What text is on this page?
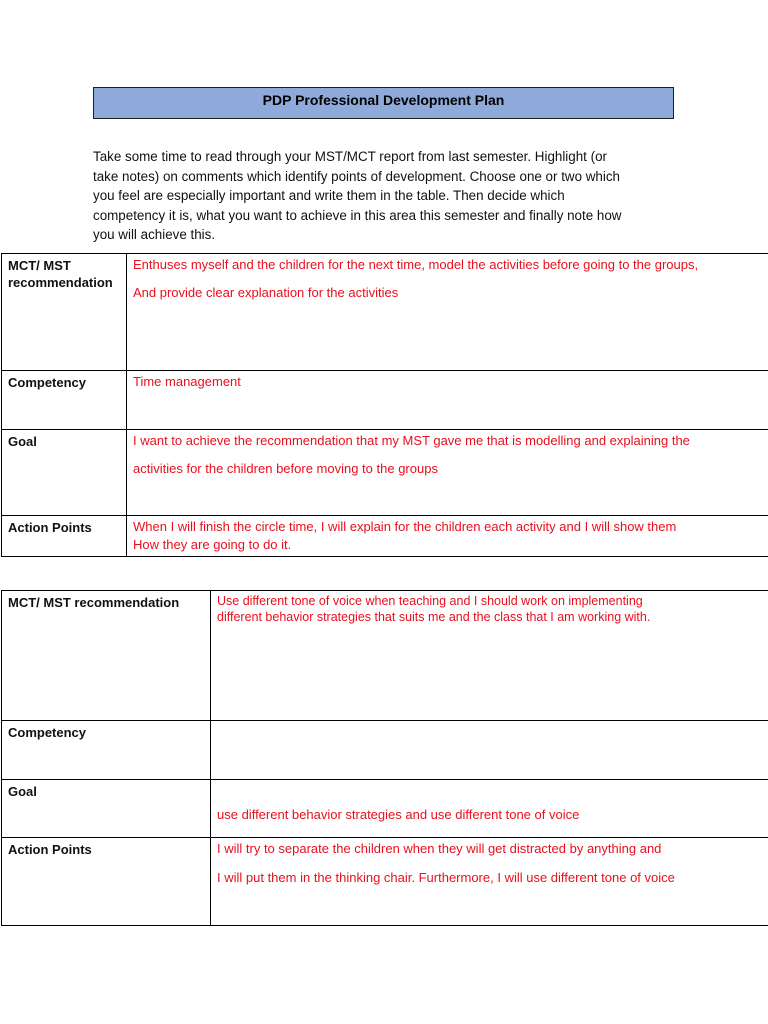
PDP Professional Development Plan
Take some time to read through your MST/MCT report from last semester. Highlight (or
take notes) on comments which identify points of development. Choose one or two which
you feel are especially important and write them in the table. Then decide which
competency it is, what you want to achieve in this area this semester and finally note how
you will achieve this.
MCT/ MST
recommendation	Enthuses myself and the children for the next time, model the activities before going to the groups,
And provide clear explanation for the activities

Competency	Time management
Goal	I want to achieve the recommendation that my MST gave me that is modelling and explaining the
activities for the children before moving to the groups

Action Points	When I will finish the circle time, I will explain for the children each activity and I will show them
How they are going to do it.
MCT/ MST recommendation	Use different tone of voice when teaching and I should work on implementing
different behavior strategies that suits me and the class that I am working with.

Competency	
Goal	use different behavior strategies and use different tone of voice
Action Points	I will try to separate the children when they will get distracted by anything and
I will put them in the thinking chair. Furthermore, I will use different tone of voice
